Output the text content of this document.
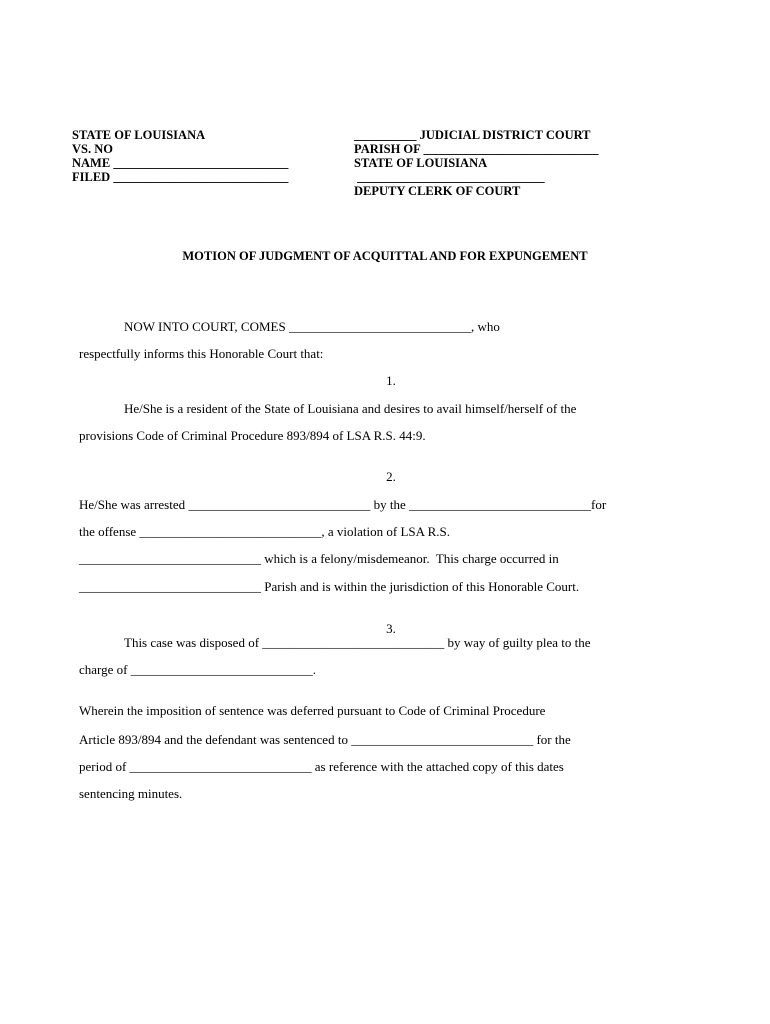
STATE OF LOUISIANA
VS. NO
NAME ____________________________
FILED ____________________________
__________ JUDICIAL DISTRICT COURT
PARISH OF ____________________________
STATE OF LOUISIANA
______________________________
DEPUTY CLERK OF COURT
MOTION OF JUDGMENT OF ACQUITTAL AND FOR EXPUNGEMENT
NOW INTO COURT, COMES ____________________________, who
respectfully informs this Honorable Court that:
1.
He/She is a resident of the State of Louisiana and desires to avail himself/herself of the
provisions Code of Criminal Procedure 893/894 of LSA R.S. 44:9.
2.
He/She was arrested ____________________________ by the ____________________________for
the offense ____________________________, a violation of LSA R.S.
____________________________ which is a felony/misdemeanor.  This charge occurred in
____________________________ Parish and is within the jurisdiction of this Honorable Court.
3.
This case was disposed of ____________________________ by way of guilty plea to the
charge of ____________________________.
Wherein the imposition of sentence was deferred pursuant to Code of Criminal Procedure
Article 893/894 and the defendant was sentenced to ____________________________ for the
period of ____________________________ as reference with the attached copy of this dates
sentencing minutes.
